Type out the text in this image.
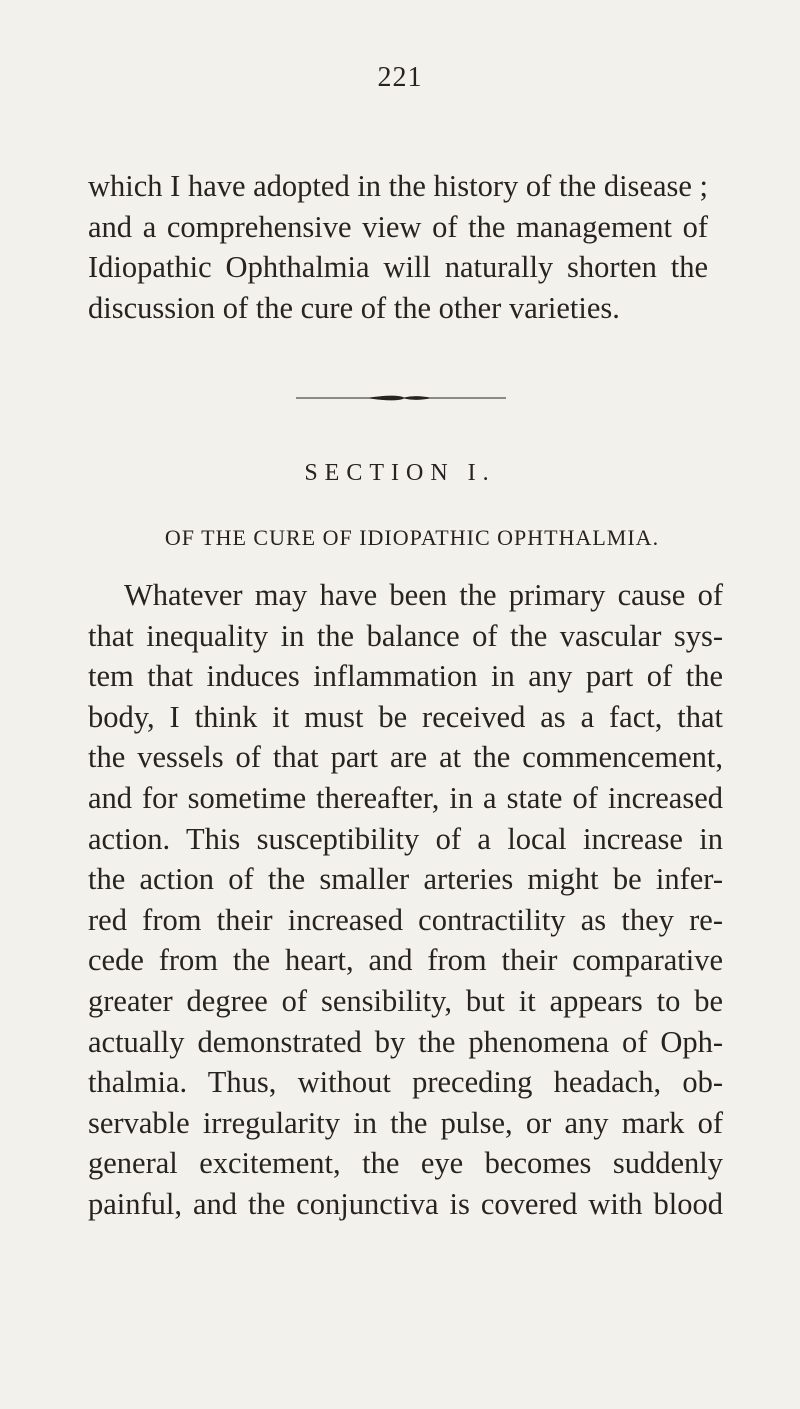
221
which I have adopted in the history of the disease ;
and a comprehensive view of the management of
Idiopathic Ophthalmia will naturally shorten the
discussion of the cure of the other varieties.
SECTION I.
OF THE CURE OF IDIOPATHIC OPHTHALMIA.
Whatever may have been the primary cause of
that inequality in the balance of the vascular sys-
tem that induces inflammation in any part of the
body, I think it must be received as a fact, that
the vessels of that part are at the commencement,
and for sometime thereafter, in a state of increased
action. This susceptibility of a local increase in
the action of the smaller arteries might be infer-
red from their increased contractility as they re-
cede from the heart, and from their comparative
greater degree of sensibility, but it appears to be
actually demonstrated by the phenomena of Oph-
thalmia. Thus, without preceding headach, ob-
servable irregularity in the pulse, or any mark of
general excitement, the eye becomes suddenly
painful, and the conjunctiva is covered with blood
